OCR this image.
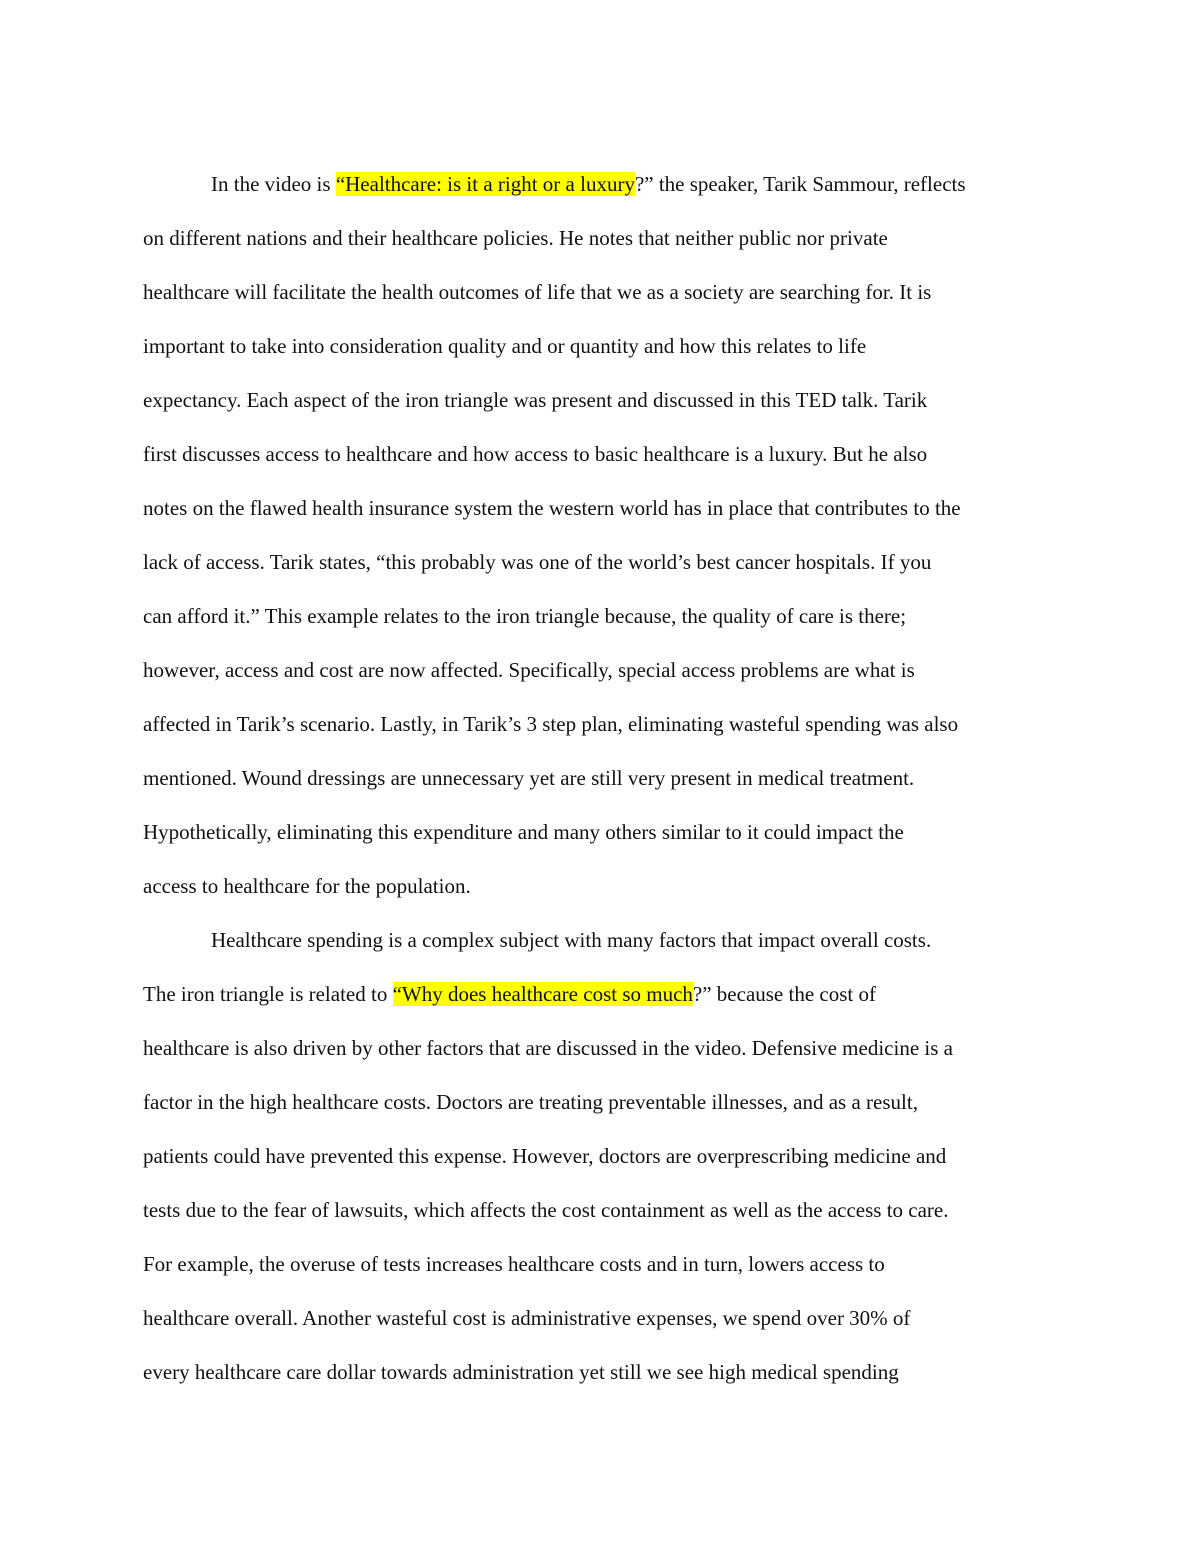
In the video is “Healthcare: is it a right or a luxury?” the speaker, Tarik Sammour, reflects
on different nations and their healthcare policies. He notes that neither public nor private
healthcare will facilitate the health outcomes of life that we as a society are searching for. It is
important to take into consideration quality and or quantity and how this relates to life
expectancy. Each aspect of the iron triangle was present and discussed in this TED talk. Tarik
first discusses access to healthcare and how access to basic healthcare is a luxury. But he also
notes on the flawed health insurance system the western world has in place that contributes to the
lack of access. Tarik states, “this probably was one of the world’s best cancer hospitals. If you
can afford it.” This example relates to the iron triangle because, the quality of care is there;
however, access and cost are now affected. Specifically, special access problems are what is
affected in Tarik’s scenario. Lastly, in Tarik’s 3 step plan, eliminating wasteful spending was also
mentioned. Wound dressings are unnecessary yet are still very present in medical treatment.
Hypothetically, eliminating this expenditure and many others similar to it could impact the
access to healthcare for the population.
Healthcare spending is a complex subject with many factors that impact overall costs.
The iron triangle is related to “Why does healthcare cost so much?” because the cost of
healthcare is also driven by other factors that are discussed in the video. Defensive medicine is a
factor in the high healthcare costs. Doctors are treating preventable illnesses, and as a result,
patients could have prevented this expense. However, doctors are overprescribing medicine and
tests due to the fear of lawsuits, which affects the cost containment as well as the access to care.
For example, the overuse of tests increases healthcare costs and in turn, lowers access to
healthcare overall. Another wasteful cost is administrative expenses, we spend over 30% of
every healthcare care dollar towards administration yet still we see high medical spending
